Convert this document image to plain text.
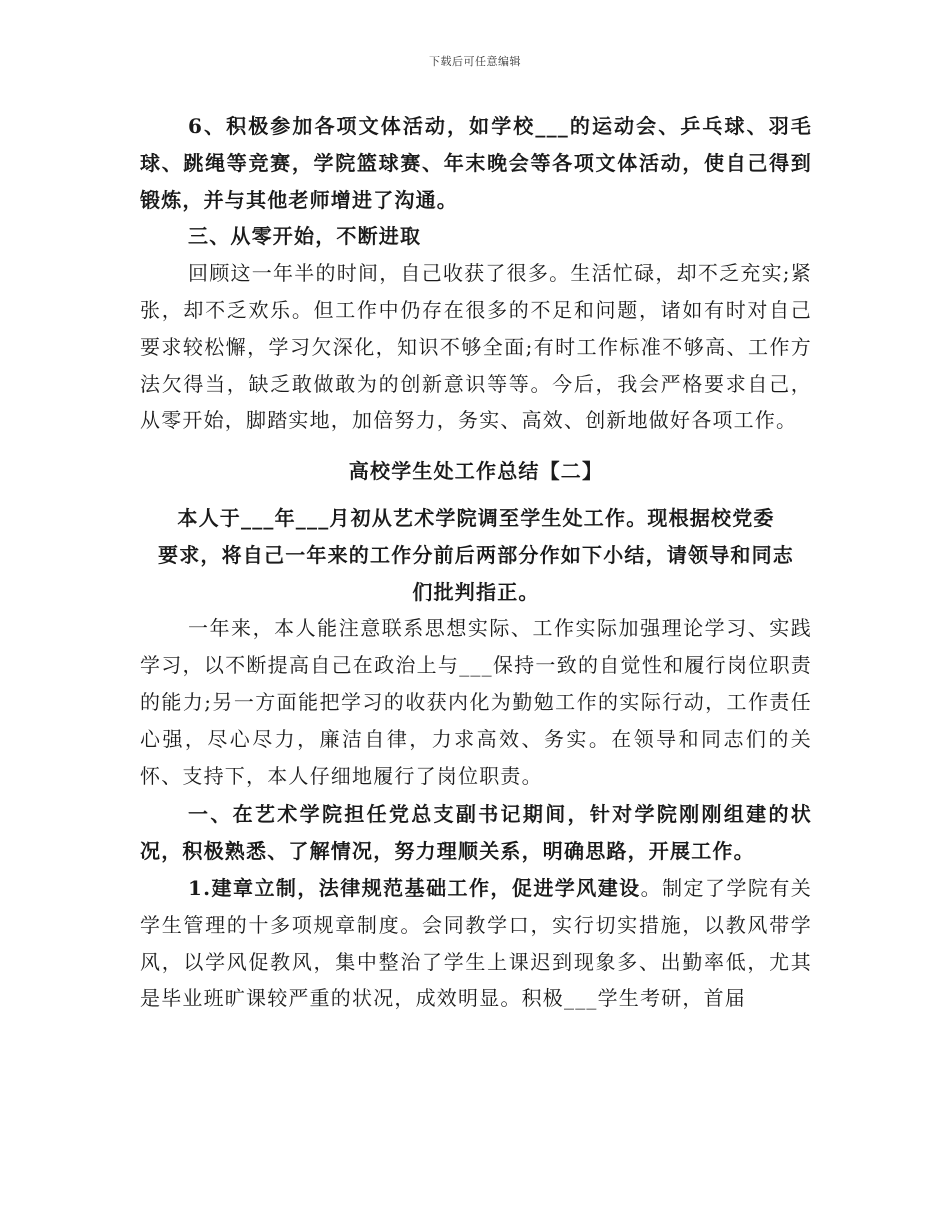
下载后可任意编辑

6、积极参加各项文体活动，如学校___的运动会、乒乓球、羽毛球、跳绳等竞赛，学院篮球赛、年末晚会等各项文体活动，使自己得到锻炼，并与其他老师增进了沟通。

三、从零开始，不断进取

回顾这一年半的时间，自己收获了很多。生活忙碌，却不乏充实;紧张，却不乏欢乐。但工作中仍存在很多的不足和问题，诸如有时对自己要求较松懈，学习欠深化，知识不够全面;有时工作标准不够高、工作方法欠得当，缺乏敢做敢为的创新意识等等。今后，我会严格要求自己，从零开始，脚踏实地，加倍努力，务实、高效、创新地做好各项工作。

高校学生处工作总结【二】

本人于___年___月初从艺术学院调至学生处工作。现根据校党委

要求，将自己一年来的工作分前后两部分作如下小结，请领导和同志

们批判指正。

一年来，本人能注意联系思想实际、工作实际加强理论学习、实践学习，以不断提高自己在政治上与___保持一致的自觉性和履行岗位职责的能力;另一方面能把学习的收获内化为勤勉工作的实际行动，工作责任心强，尽心尽力，廉洁自律，力求高效、务实。在领导和同志们的关怀、支持下，本人仔细地履行了岗位职责。

一、在艺术学院担任党总支副书记期间，针对学院刚刚组建的状况，积极熟悉、了解情况，努力理顺关系，明确思路，开展工作。

1.建章立制，法律规范基础工作，促进学风建设。制定了学院有关学生管理的十多项规章制度。会同教学口，实行切实措施，以教风带学风，以学风促教风，集中整治了学生上课迟到现象多、出勤率低，尤其是毕业班旷课较严重的状况，成效明显。积极___学生考研，首届
